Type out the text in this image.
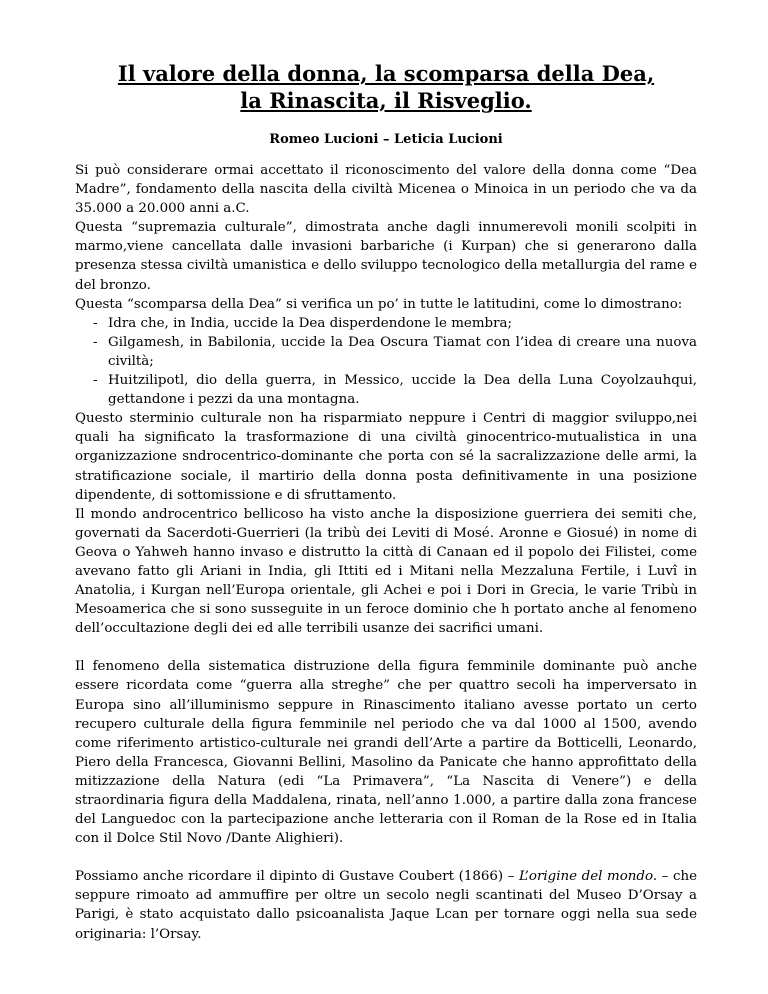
Il valore della donna, la scomparsa della Dea,
la Rinascita, il Risveglio.
Romeo Lucioni – Leticia Lucioni

Si può considerare ormai accettato il riconoscimento del valore della donna come “Dea Madre”, fondamento della nascita della civiltà Micenea o Minoica in un periodo che va da 35.000 a 20.000 anni a.C.

Questa “supremazia culturale”, dimostrata anche dagli innumerevoli monili scolpiti in marmo,viene cancellata dalle invasioni barbariche (i Kurpan) che si generarono dalla presenza stessa civiltà umanistica e dello sviluppo tecnologico della metallurgia del rame e del bronzo.

Questa “scomparsa della Dea” si verifica un po’ in tutte le latitudini, come lo dimostrano:

- Idra che, in India, uccide la Dea disperdendone le membra;
- Gilgamesh, in Babilonia, uccide la Dea Oscura Tiamat con l’idea di creare una nuova civiltà;
- Huitzilipotl, dio della guerra, in Messico, uccide la Dea della Luna Coyolzauhqui, gettandone i pezzi da una montagna.

Questo sterminio culturale non ha risparmiato neppure i Centri di maggior sviluppo,nei quali ha significato la trasformazione di una civiltà ginocentrico-mutualistica in una organizzazione sndrocentrico-dominante che porta con sé la sacralizzazione delle armi, la stratificazione sociale, il martirio della donna posta definitivamente in una posizione dipendente, di sottomissione e di sfruttamento.

Il mondo androcentrico bellicoso ha visto anche la disposizione guerriera dei semiti che, governati da Sacerdoti-Guerrieri (la tribù dei Leviti di Mosé. Aronne e Giosué) in nome di Geova o Yahweh hanno invaso e distrutto la città di Canaan ed il popolo dei Filistei, come avevano fatto gli Ariani in India, gli Ittiti ed i Mitani nella Mezzaluna Fertile, i Luvî in Anatolia, i Kurgan nell’Europa orientale, gli Achei e poi i Dori in Grecia, le varie Tribù in Mesoamerica che si sono susseguite in un feroce dominio che h portato anche al fenomeno dell’occultazione degli dei ed alle terribili usanze dei sacrifici umani.

Il fenomeno della sistematica distruzione della figura femminile dominante può anche essere ricordata come “guerra alla streghe” che per quattro secoli ha imperversato in Europa sino all’illuminismo seppure in Rinascimento italiano avesse portato un certo recupero culturale della figura femminile nel periodo che va dal 1000 al 1500, avendo come riferimento artistico-culturale nei grandi dell’Arte a partire da Botticelli, Leonardo, Piero della Francesca, Giovanni Bellini, Masolino da Panicate che hanno approfittato della mitizzazione della Natura (edi “La Primavera”, “La Nascita di Venere”) e della straordinaria figura della Maddalena, rinata, nell’anno 1.000, a partire dalla zona francese del Languedoc con la partecipazione anche letteraria con il Roman de la Rose ed in Italia con il Dolce Stil Novo /Dante Alighieri).

Possiamo anche ricordare il dipinto di Gustave Coubert (1866) – L’origine del mondo. – che seppure rimoato ad ammuffire per oltre un secolo negli scantinati del Museo D’Orsay a Parigi, è stato acquistato dallo psicoanalista Jaque Lcan per tornare oggi nella sua sede originaria: l’Orsay.
